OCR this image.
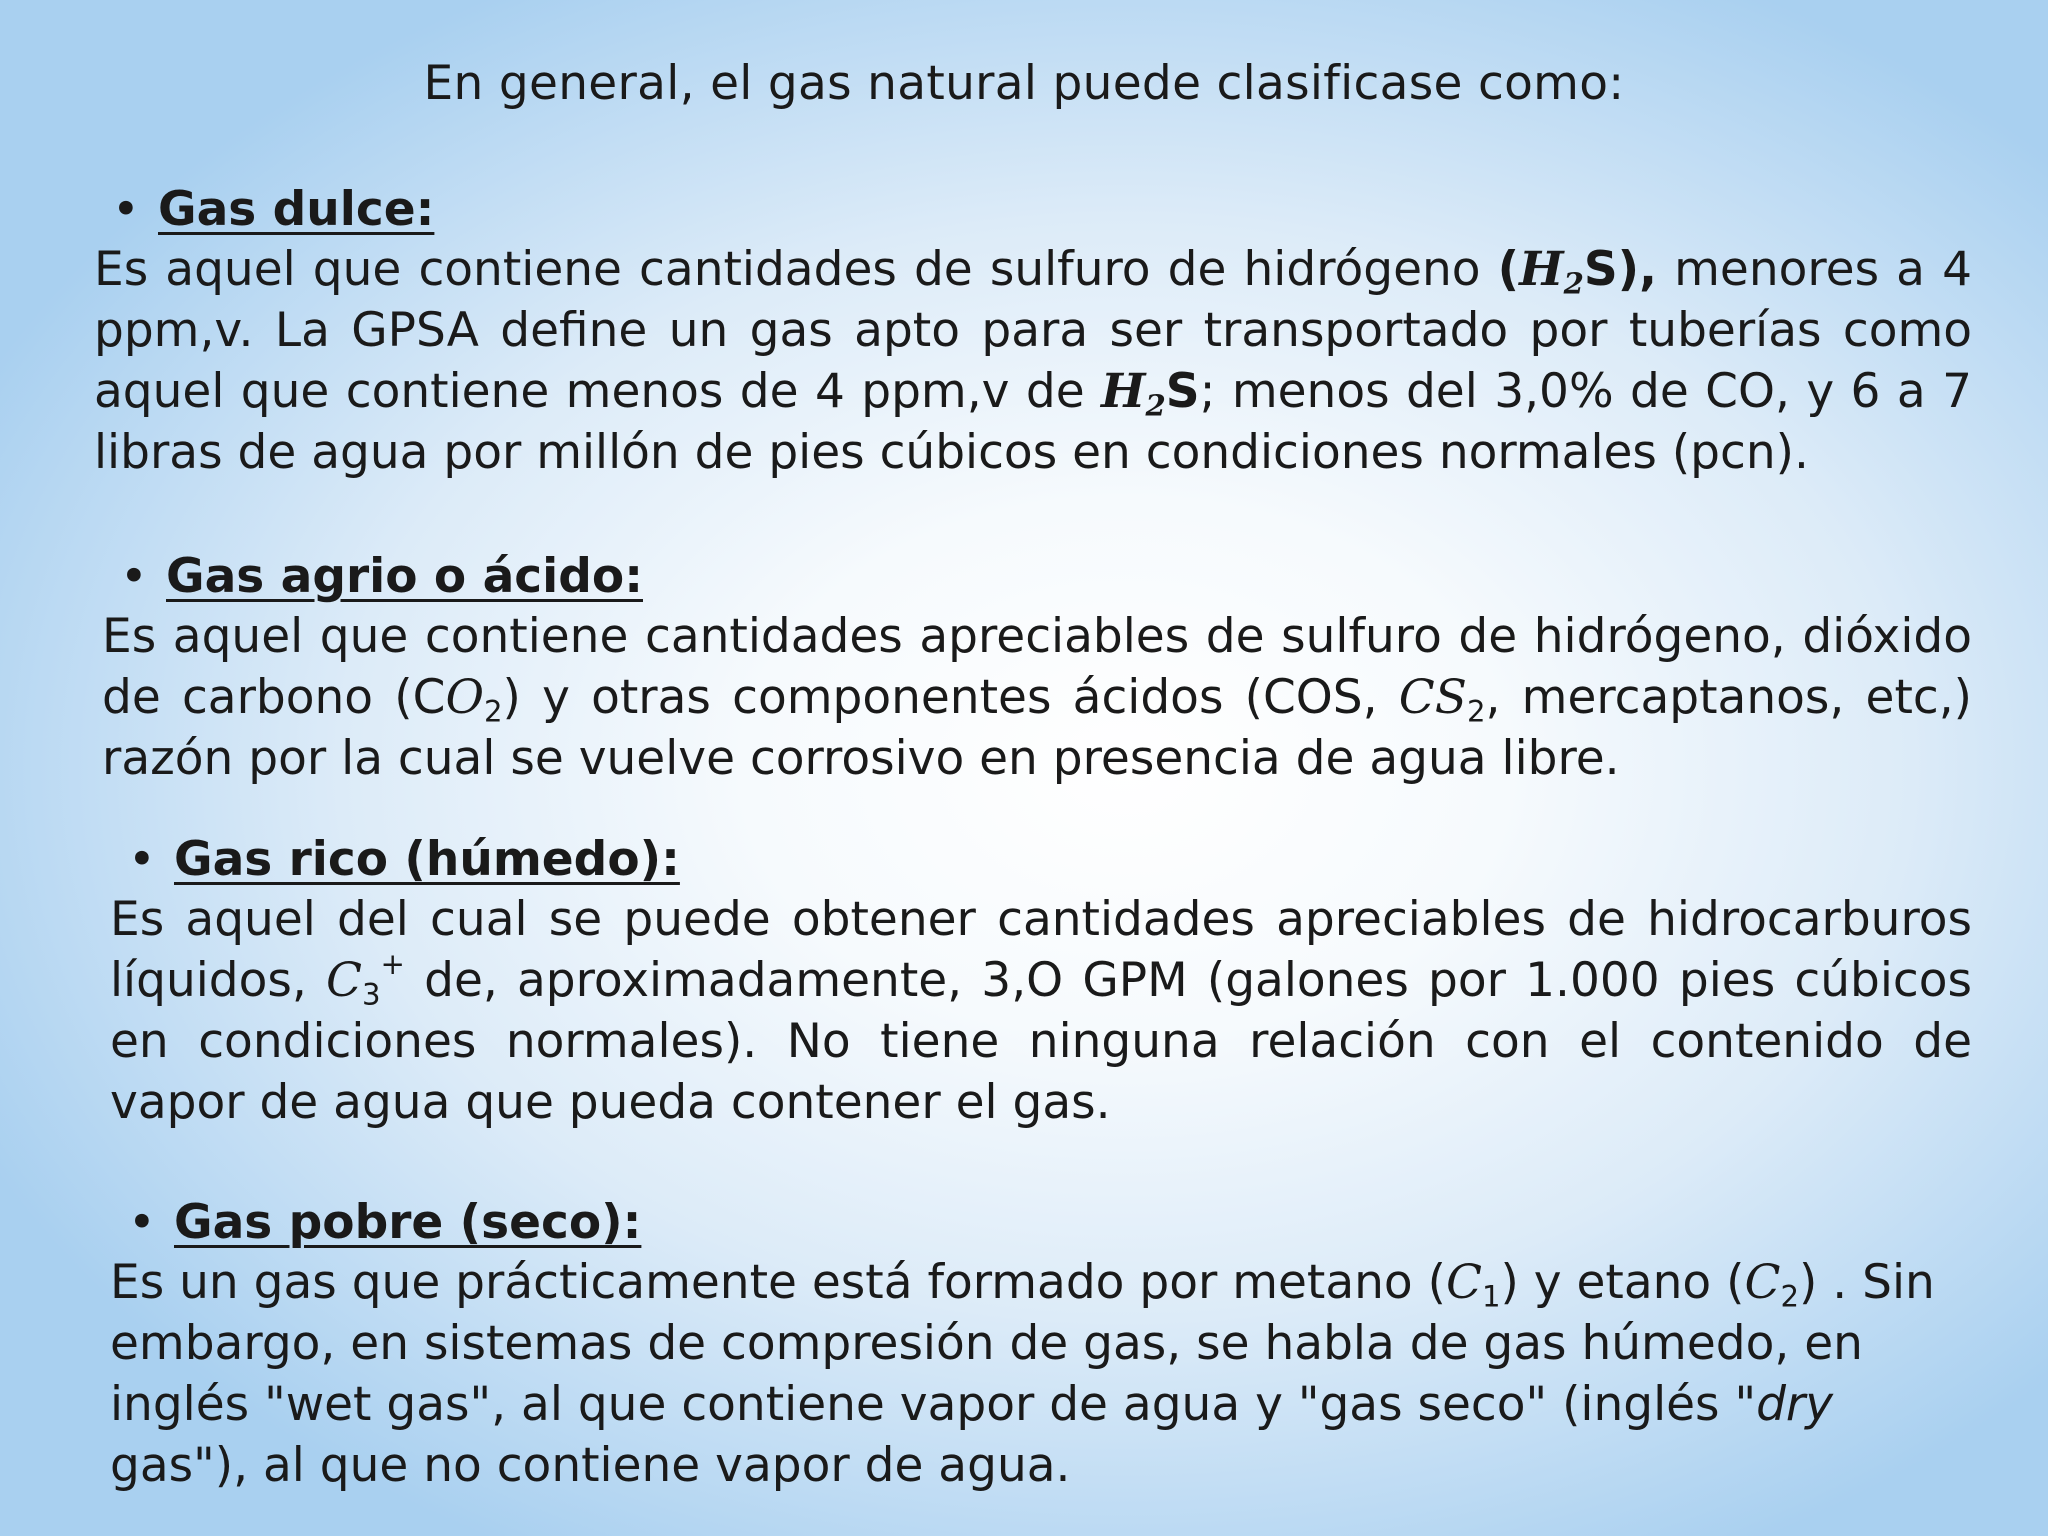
En general, el gas natural puede clasificase como:
• Gas dulce:

Es aquel que contiene cantidades de sulfuro de hidrógeno $(H_2S)$, menores a 4 ppm,v. La GPSA define un gas apto para ser transportado por tuberías como aquel que contiene menos de 4 ppm,v de $H_2S$; menos del 3,0% de CO, y 6 a 7 libras de agua por millón de pies cúbicos en condiciones normales (pcn).

• Gas agrio o ácido:

Es aquel que contiene cantidades apreciables de sulfuro de hidrógeno, dióxido de carbono $(CO_2)$ y otras componentes ácidos (COS, $CS_2$, mercaptanos, etc,) razón por la cual se vuelve corrosivo en presencia de agua libre.

• Gas rico (húmedo):

Es aquel del cual se puede obtener cantidades apreciables de hidrocarburos líquidos, $C_3^+$ de, aproximadamente, 3,O GPM (galones por 1.000 pies cúbicos en condiciones normales). No tiene ninguna relación con el contenido de vapor de agua que pueda contener el gas.

• Gas pobre (seco):

Es un gas que prácticamente está formado por metano $(C_1)$ y etano $(C_2)$ . Sin embargo, en sistemas de compresión de gas, se habla de gas húmedo, en inglés "wet gas", al que contiene vapor de agua y "gas seco" (inglés "dry gas"), al que no contiene vapor de agua.
